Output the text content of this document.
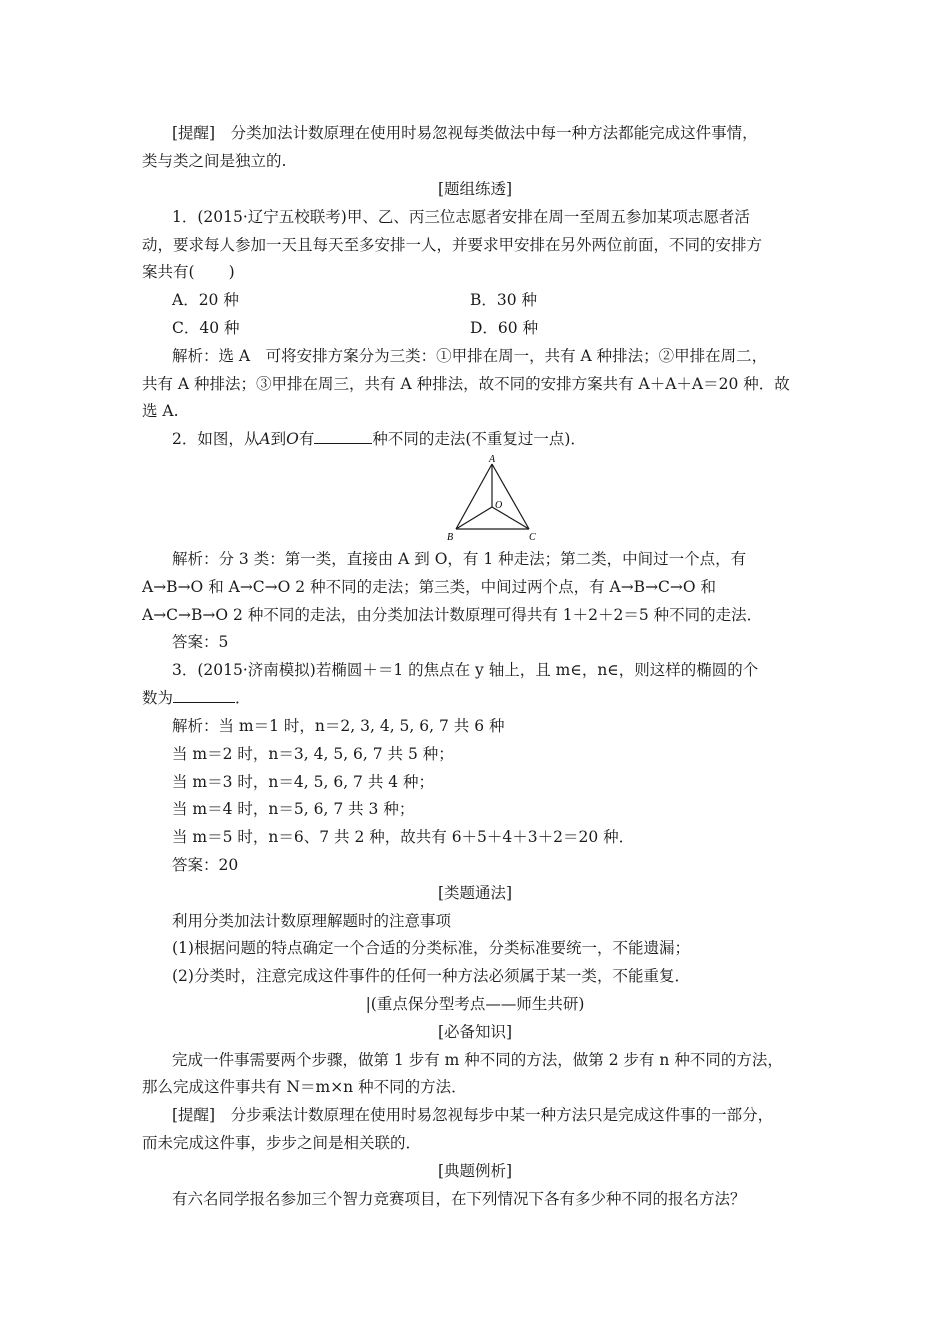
[提醒]　 分类加法计数原理在使用时易忽视每类做法中每一种方法都能完成这件事情，
类与类之间是独立的.
[题组练透]
1．(2015·辽宁五校联考)甲、乙、丙三位志愿者安排在周一至周五参加某项志愿者活
动，要求每人参加一天且每天至多安排一人，并要求甲安排在另外两位前面，不同的安排方
案共有( )
A．20 种	B．30 种
C．40 种	D．60 种
解析：选 A　可将安排方案分为三类：①甲排在周一，共有 A 种排法；②甲排在周二，
共有 A 种排法；③甲排在周三，共有 A 种排法，故不同的安排方案共有 A＋A＋A＝20 种．故
选 A.
2．如图，从A到O有	种不同的走法(不重复过一点)．
A
B	C
O
解析：分 3 类：第一类，直接由 A 到 O，有 1 种走法；第二类，中间过一个点，有
A→B→O 和 A→C→O 2 种不同的走法；第三类，中间过两个点，有 A→B→C→O 和
A→C→B→O 2 种不同的走法，由分类加法计数原理可得共有 1＋2＋2＝5 种不同的走法．
答案：5
3．(2015·济南模拟)若椭圆＋＝1 的焦点在 y 轴上，且 m∈，n∈，则这样的椭圆的个
数为	．
解析：当 m＝1 时，n＝2, 3, 4, 5, 6, 7 共 6 种
当 m＝2 时，n＝3, 4, 5, 6, 7 共 5 种；
当 m＝3 时，n＝4, 5, 6, 7 共 4 种；
当 m＝4 时，n＝5, 6, 7 共 3 种；
当 m＝5 时，n＝6、7 共 2 种，故共有 6＋5＋4＋3＋2＝20 种．
答案：20
[类题通法]
利用分类加法计数原理解题时的注意事项
(1)根据问题的特点确定一个合适的分类标准，分类标准要统一，不能遗漏；
(2)分类时，注意完成这件事件的任何一种方法必须属于某一类，不能重复．
|(重点保分型考点——师生共研)
[必备知识]
完成一件事需要两个步骤，做第 1 步有 m 种不同的方法，做第 2 步有 n 种不同的方法，
那么完成这件事共有 N＝m×n 种不同的方法．
[提醒]　 分步乘法计数原理在使用时易忽视每步中某一种方法只是完成这件事的一部分，
而未完成这件事，步步之间是相关联的．
[典题例析]
有六名同学报名参加三个智力竞赛项目，在下列情况下各有多少种不同的报名方法？
